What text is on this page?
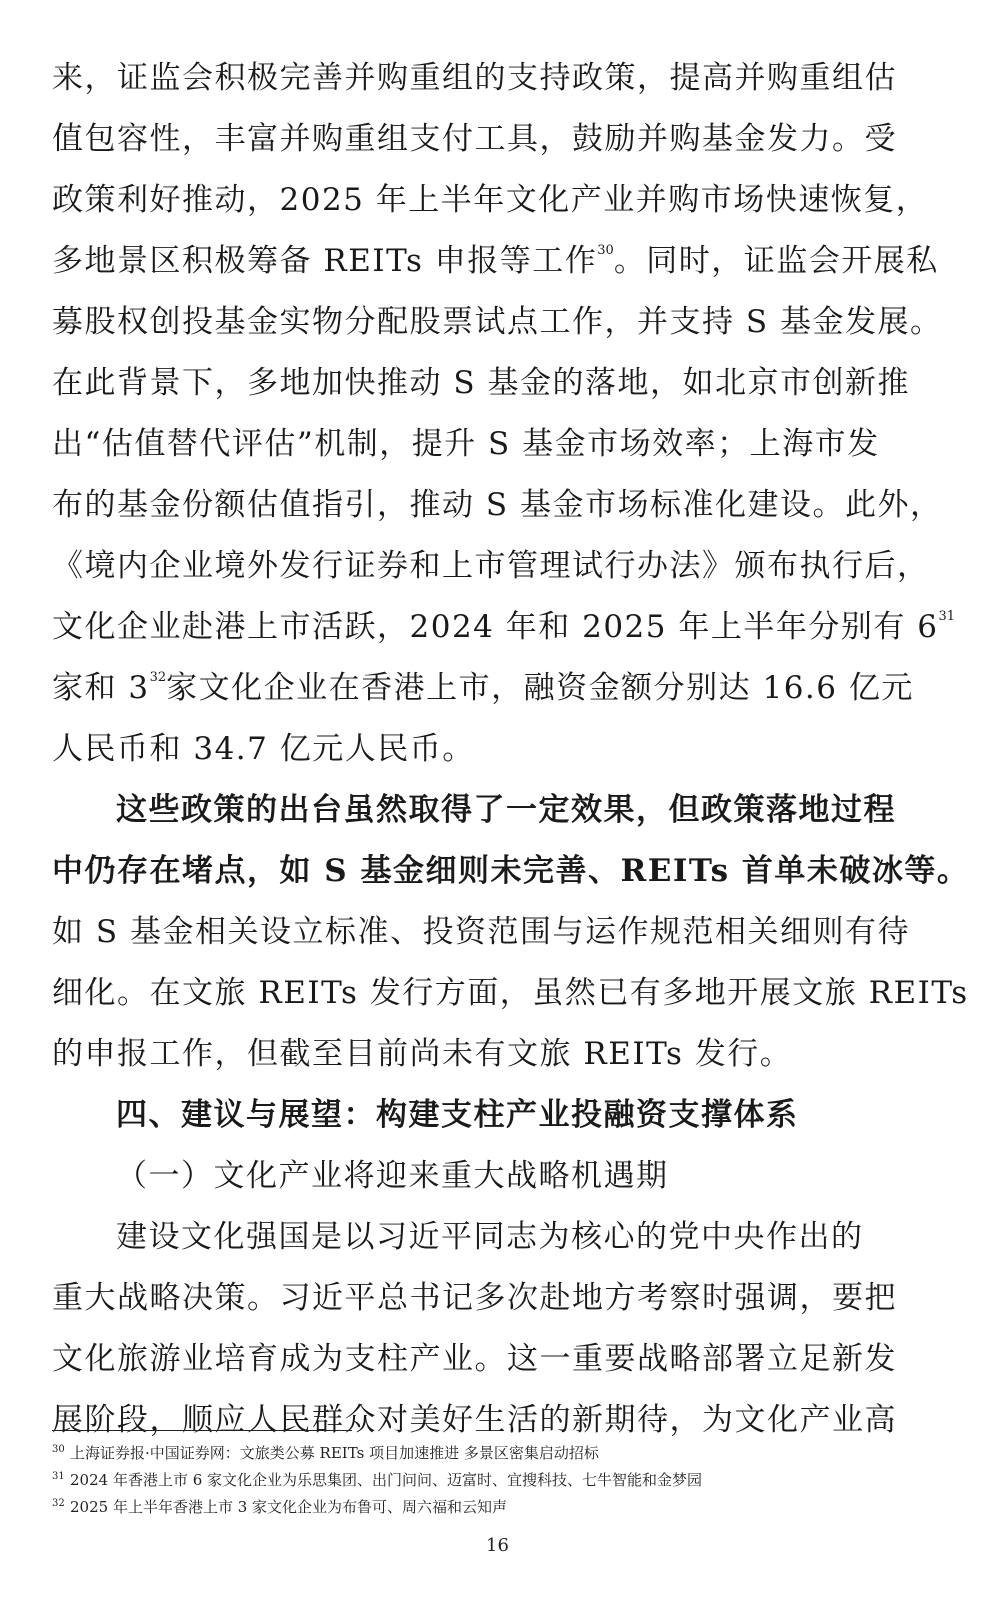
来，证监会积极完善并购重组的支持政策，提高并购重组估
值包容性，丰富并购重组支付工具，鼓励并购基金发力。受
政策利好推动，2025 年上半年文化产业并购市场快速恢复，
多地景区积极筹备 REITs 申报等工作$^{30}$。同时，证监会开展私
募股权创投基金实物分配股票试点工作，并支持 S 基金发展。
在此背景下，多地加快推动 S 基金的落地，如北京市创新推
出“估值替代评估”机制，提升 S 基金市场效率；上海市发
布的基金份额估值指引，推动 S 基金市场标准化建设。此外，
《境内企业境外发行证券和上市管理试行办法》颁布执行后，
文化企业赴港上市活跃，2024 年和 2025 年上半年分别有 $6^{31}$
家和 $3^{32}$家文化企业在香港上市，融资金额分别达 16.6 亿元
人民币和 34.7 亿元人民币。
这些政策的出台虽然取得了一定效果，但政策落地过程
中仍存在堵点，如 S 基金细则未完善、REITs 首单未破冰等。
如 S 基金相关设立标准、投资范围与运作规范相关细则有待
细化。在文旅 REITs 发行方面，虽然已有多地开展文旅 REITs
的申报工作，但截至目前尚未有文旅 REITs 发行。
四、建议与展望：构建支柱产业投融资支撑体系
（一）文化产业将迎来重大战略机遇期
建设文化强国是以习近平同志为核心的党中央作出的
重大战略决策。习近平总书记多次赴地方考察时强调，要把
文化旅游业培育成为支柱产业。这一重要战略部署立足新发
展阶段，顺应人民群众对美好生活的新期待，为文化产业高
30 上海证券报·中国证券网：文旅类公募 REITs 项目加速推进 多景区密集启动招标
31 2024 年香港上市 6 家文化企业为乐思集团、出门问问、迈富时、宜搜科技、七牛智能和金梦园
32 2025 年上半年香港上市 3 家文化企业为布鲁可、周六福和云知声
16
